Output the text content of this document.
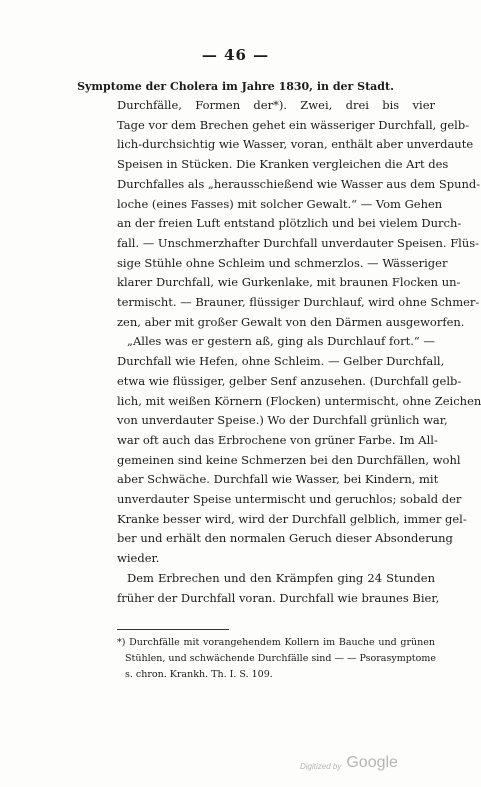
— 46 —
Symptome der Cholera im Jahre 1830, in der Stadt.
Durchfälle, Formen der*). Zwei, drei bis vier
Tage vor dem Brechen gehet ein wässeriger Durchfall, gelb-
lich-durchsichtig wie Wasser, voran, enthält aber unverdaute
Speisen in Stücken. Die Kranken vergleichen die Art des
Durchfalles als „herausschießend wie Wasser aus dem Spund-
loche (eines Fasses) mit solcher Gewalt.“ — Vom Gehen
an der freien Luft entstand plötzlich und bei vielem Durch-
fall. — Unschmerzhafter Durchfall unverdauter Speisen. Flüs-
sige Stühle ohne Schleim und schmerzlos. — Wässeriger
klarer Durchfall, wie Gurkenlake, mit braunen Flocken un-
termischt. — Brauner, flüssiger Durchlauf, wird ohne Schmer-
zen, aber mit großer Gewalt von den Därmen ausgeworfen.
„Alles was er gestern aß, ging als Durchlauf fort.“ —
Durchfall wie Hefen, ohne Schleim. — Gelber Durchfall,
etwa wie flüssiger, gelber Senf anzusehen. (Durchfall gelb-
lich, mit weißen Körnern (Flocken) untermischt, ohne Zeichen
von unverdauter Speise.) Wo der Durchfall grünlich war,
war oft auch das Erbrochene von grüner Farbe. Im All-
gemeinen sind keine Schmerzen bei den Durchfällen, wohl
aber Schwäche. Durchfall wie Wasser, bei Kindern, mit
unverdauter Speise untermischt und geruchlos; sobald der
Kranke besser wird, wird der Durchfall gelblich, immer gel-
ber und erhält den normalen Geruch dieser Absonderung
wieder.
Dem Erbrechen und den Krämpfen ging 24 Stunden
früher der Durchfall voran. Durchfall wie braunes Bier,
*) Durchfälle mit vorangehendem Kollern im Bauche und grünen
Stühlen, und schwächende Durchfälle sind — — Psorasymptome
s. chron. Krankh. Th. I. S. 109.
Digitized by Google
